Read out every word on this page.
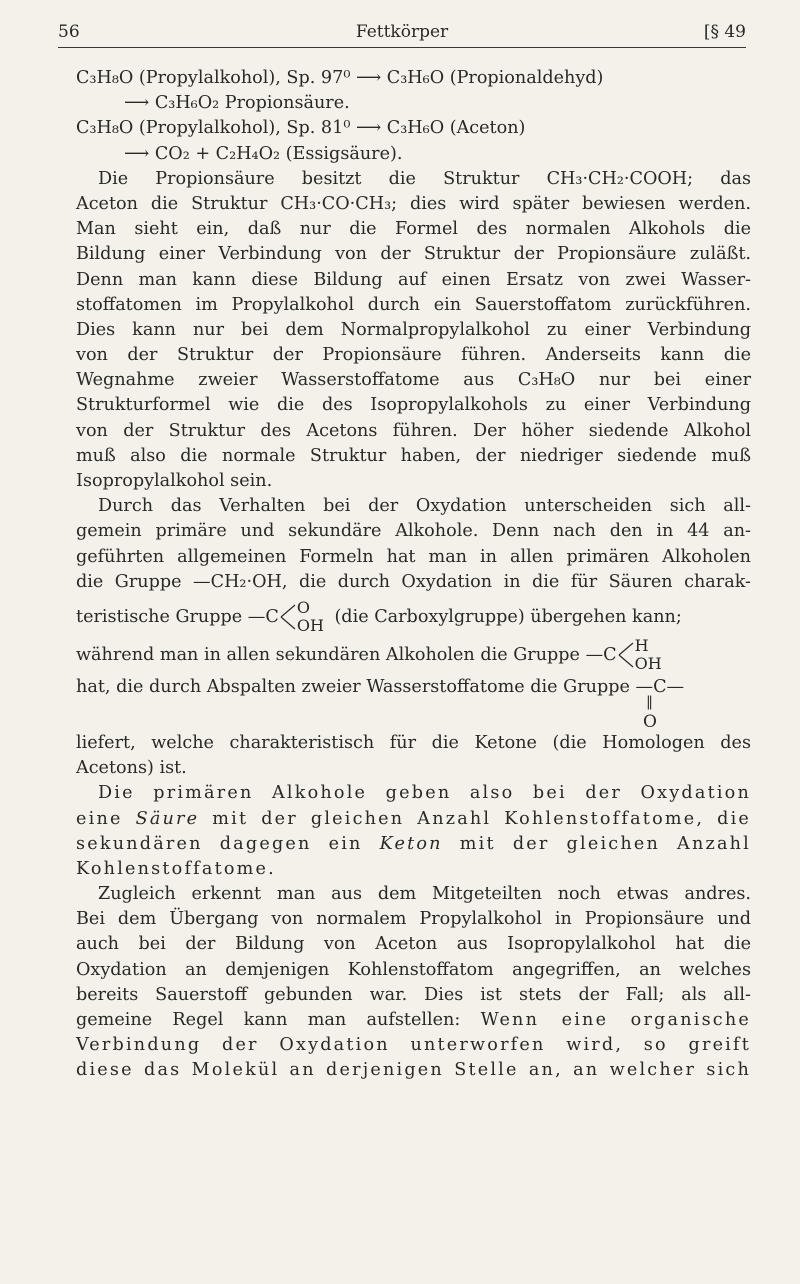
56	Fettkörper	[§ 49
C₃H₈O (Propylalkohol), Sp. 97⁰ ⟶ C₃H₆O (Propionaldehyd)
⟶ C₃H₆O₂ Propionsäure.
C₃H₈O (Propylalkohol), Sp. 81⁰ ⟶ C₃H₆O (Aceton)
⟶ CO₂ + C₂H₄O₂ (Essigsäure).
Die Propionsäure besitzt die Struktur CH₃·CH₂·COOH; das
Aceton die Struktur CH₃·CO·CH₃; dies wird später bewiesen werden.
Man sieht ein, daß nur die Formel des normalen Alkohols die
Bildung einer Verbindung von der Struktur der Propionsäure zuläßt.
Denn man kann diese Bildung auf einen Ersatz von zwei Wasser-
stoffatomen im Propylalkohol durch ein Sauerstoffatom zurückführen.
Dies kann nur bei dem Normalpropylalkohol zu einer Verbindung
von der Struktur der Propionsäure führen. Anderseits kann die
Wegnahme zweier Wasserstoffatome aus C₃H₈O nur bei einer
Strukturformel wie die des Isopropylalkohols zu einer Verbindung
von der Struktur des Acetons führen. Der höher siedende Alkohol
muß also die normale Struktur haben, der niedriger siedende muß
Isopropylalkohol sein.
Durch das Verhalten bei der Oxydation unterscheiden sich all-
gemein primäre und sekundäre Alkohole. Denn nach den in 44 an-
geführten allgemeinen Formeln hat man in allen primären Alkoholen
die Gruppe —CH₂·OH, die durch Oxydation in die für Säuren charak-
teristische Gruppe —C O
OH (die Carboxylgruppe) übergehen kann;
während man in allen sekundären Alkoholen die Gruppe —C H
OH
hat, die durch Abspalten zweier Wasserstoffatome die Gruppe —C—
‖
O
liefert, welche charakteristisch für die Ketone (die Homologen des
Acetons) ist.
Die primären Alkohole geben also bei der Oxydation
eine Säure mit der gleichen Anzahl Kohlenstoffatome, die
sekundären dagegen ein Keton mit der gleichen Anzahl
Kohlenstoffatome.
Zugleich erkennt man aus dem Mitgeteilten noch etwas andres.
Bei dem Übergang von normalem Propylalkohol in Propionsäure und
auch bei der Bildung von Aceton aus Isopropylalkohol hat die
Oxydation an demjenigen Kohlenstoffatom angegriffen, an welches
bereits Sauerstoff gebunden war. Dies ist stets der Fall; als all-
gemeine Regel kann man aufstellen: Wenn eine organische
Verbindung der Oxydation unterworfen wird, so greift
diese das Molekül an derjenigen Stelle an, an welcher sich
